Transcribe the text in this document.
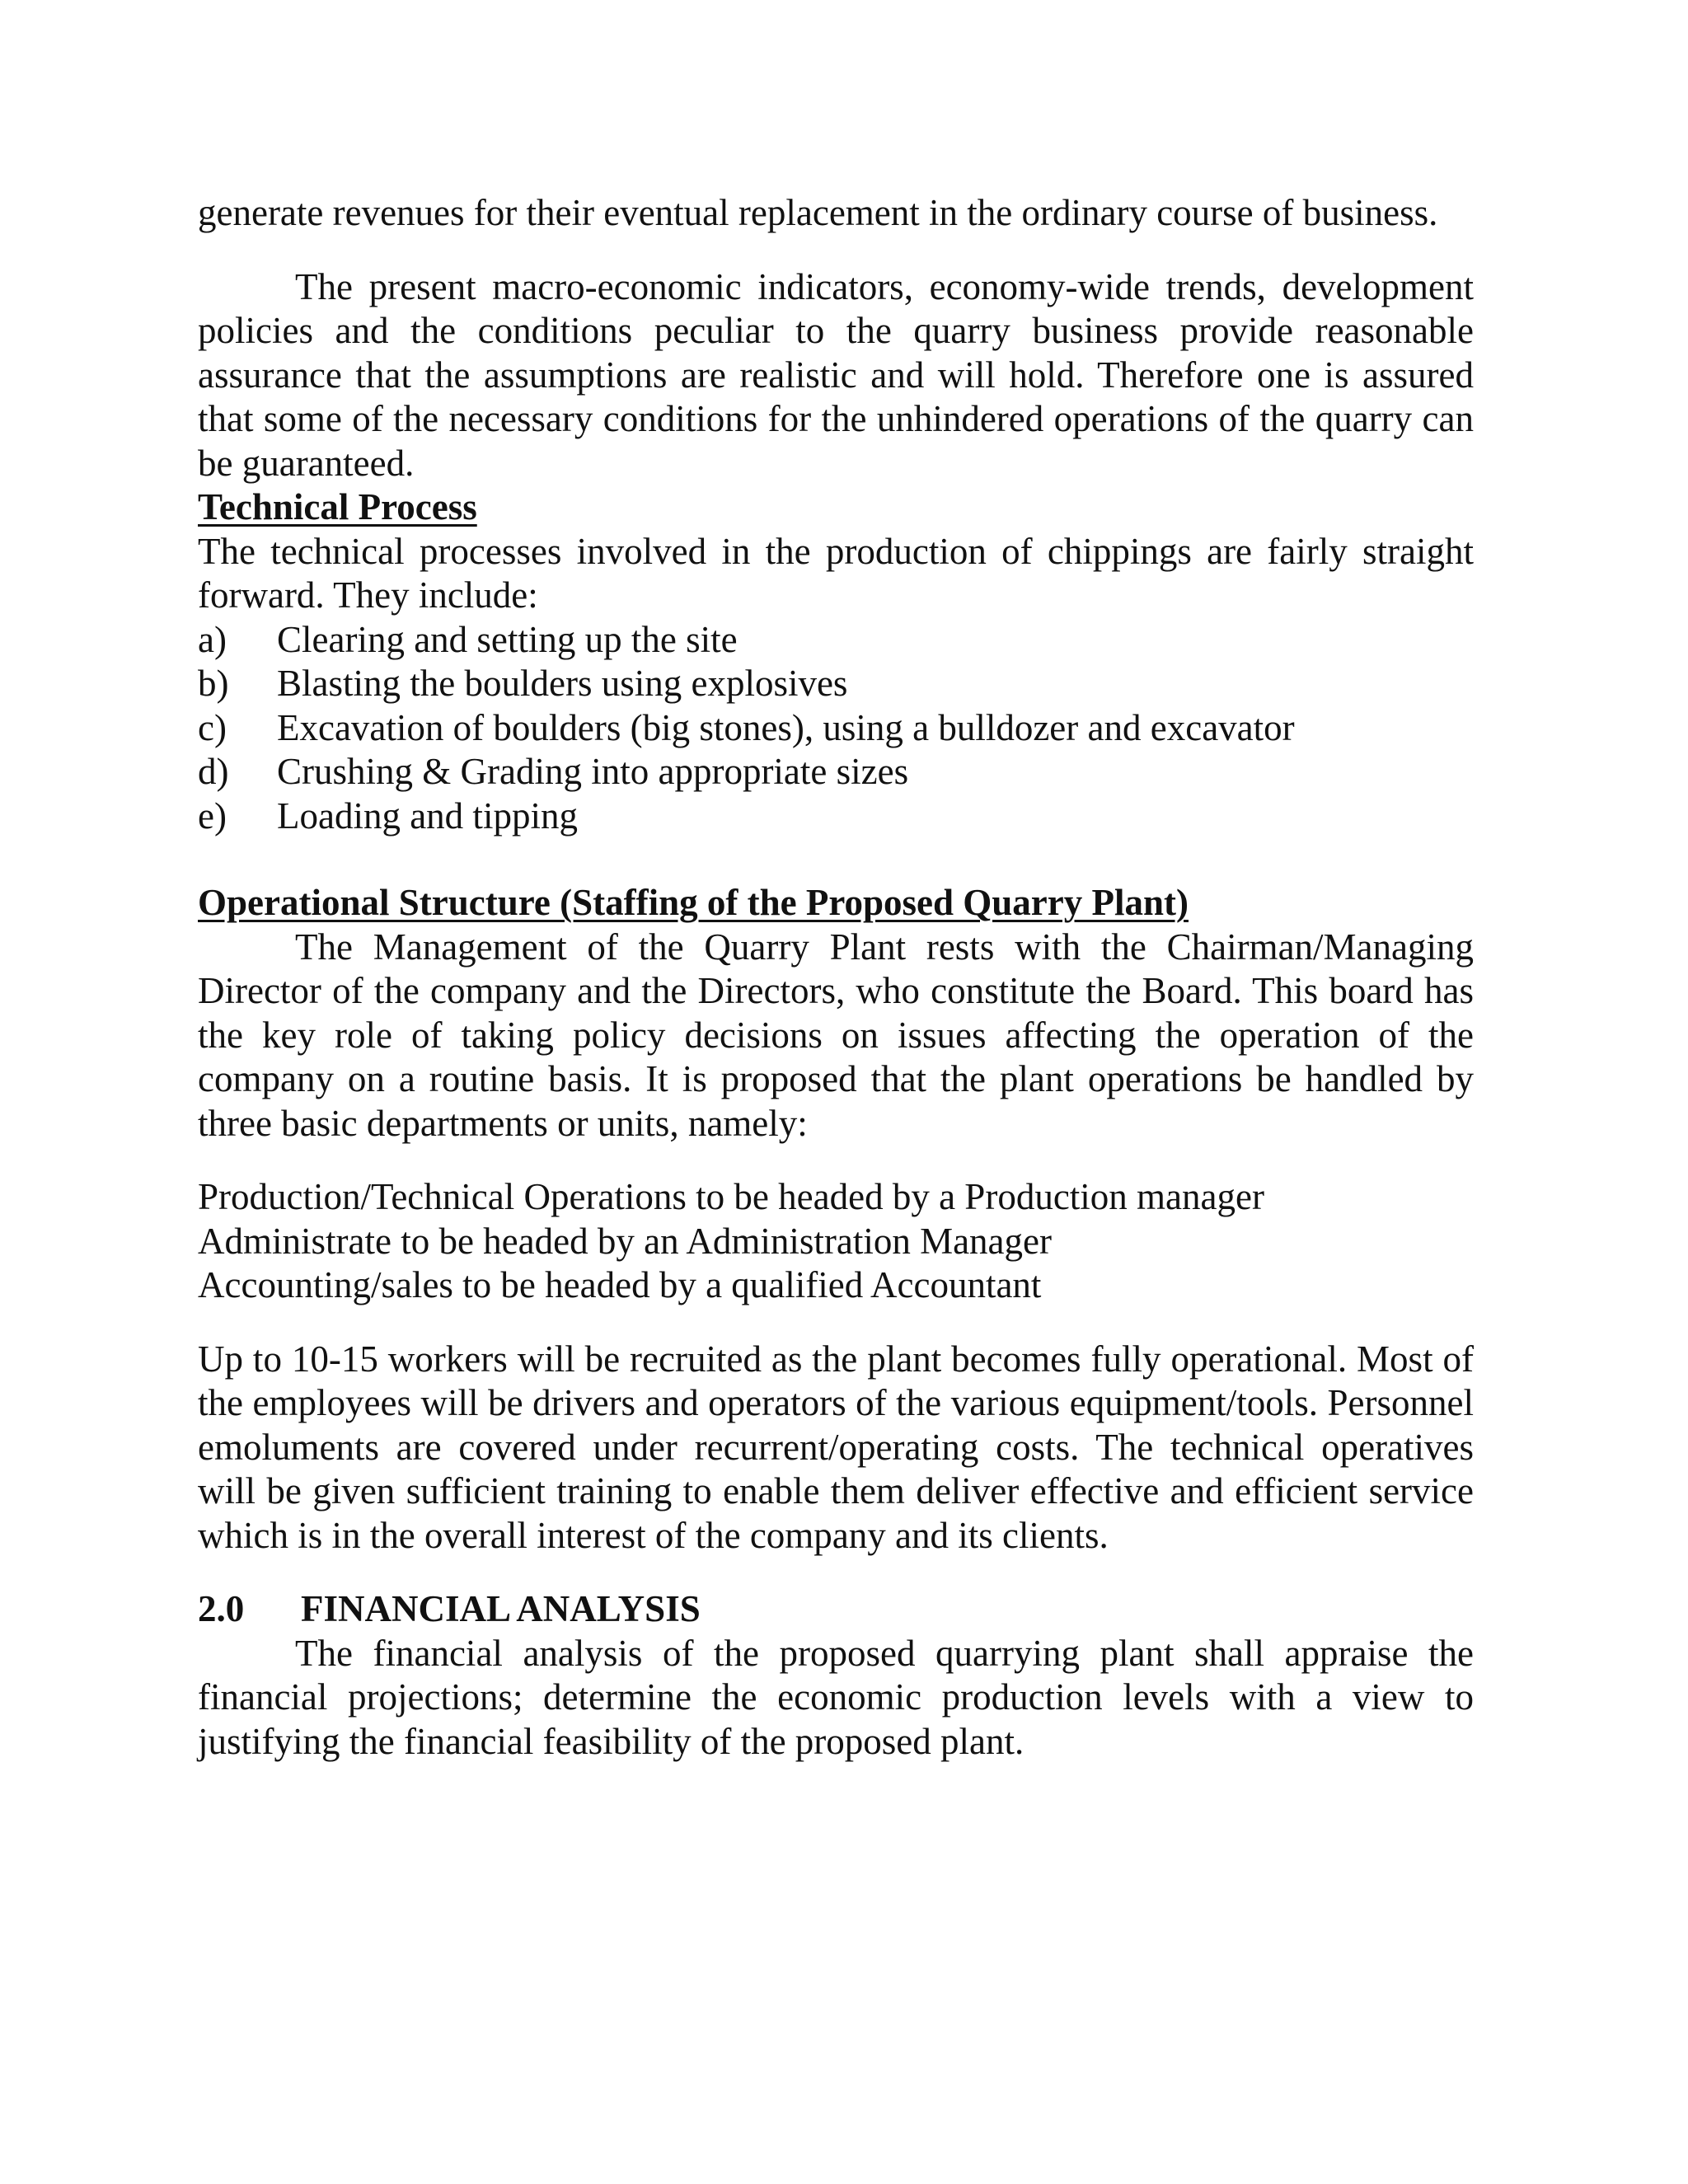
generate revenues for their eventual replacement in the ordinary course of business.

The present macro-economic indicators, economy-wide trends, development policies and the conditions peculiar to the quarry business provide reasonable assurance that the assumptions are realistic and will hold. Therefore one is assured that some of the necessary conditions for the unhindered operations of the quarry can be guaranteed.

Technical Process

The technical processes involved in the production of chippings are fairly straight forward. They include:

a)	Clearing and setting up the site
b)	Blasting the boulders using explosives
c)	Excavation of boulders (big stones), using a bulldozer and excavator
d)	Crushing & Grading into appropriate sizes
e)	Loading and tipping

Operational Structure (Staffing of the Proposed Quarry Plant)

The Management of the Quarry Plant rests with the Chairman/Managing Director of the company and the Directors, who constitute the Board. This board has the key role of taking policy decisions on issues affecting the operation of the company on a routine basis. It is proposed that the plant operations be handled by three basic departments or units, namely:

Production/Technical Operations to be headed by a Production manager

Administrate to be headed by an Administration Manager

Accounting/sales to be headed by a qualified Accountant

Up to 10-15 workers will be recruited as the plant becomes fully operational. Most of the employees will be drivers and operators of the various equipment/tools. Personnel emoluments are covered under recurrent/operating costs. The technical operatives will be given sufficient training to enable them deliver effective and efficient service which is in the overall interest of the company and its clients.

2.0	FINANCIAL ANALYSIS

The financial analysis of the proposed quarrying plant shall appraise the financial projections; determine the economic production levels with a view to justifying the financial feasibility of the proposed plant.
